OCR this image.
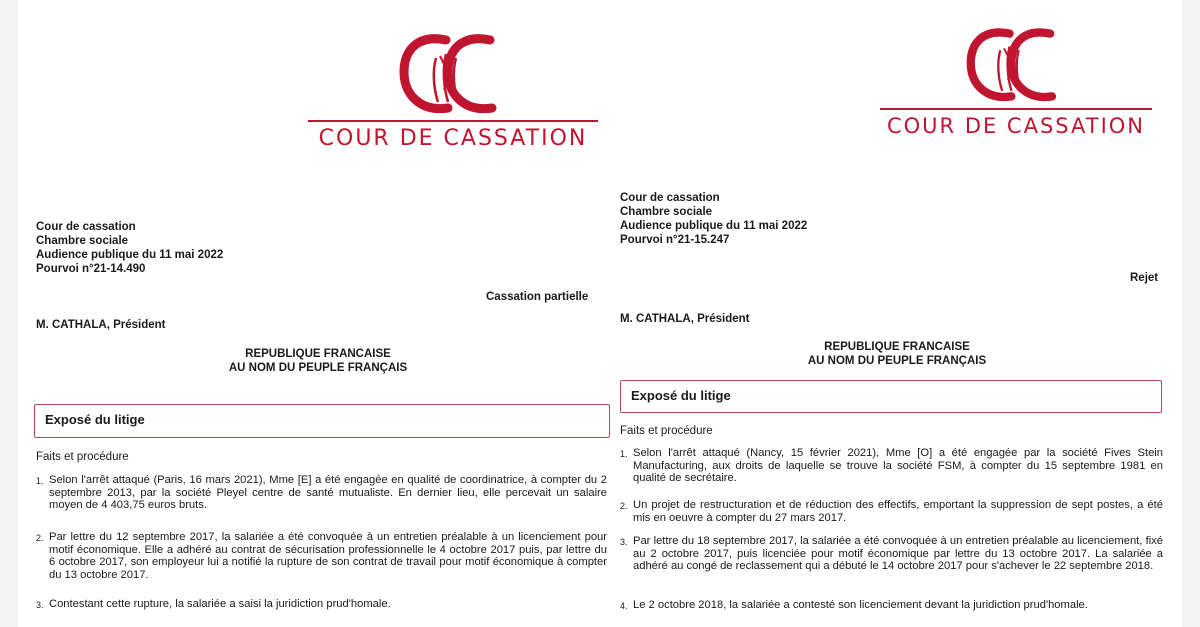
COUR DE CASSATION
Cour de cassation
Chambre sociale
Audience publique du 11 mai 2022
Pourvoi n°21-14.490
Cassation partielle
M. CATHALA, Président
REPUBLIQUE FRANCAISE
AU NOM DU PEUPLE FRANÇAIS
Exposé du litige
Faits et procédure
1. Selon l'arrêt attaqué (Paris, 16 mars 2021), Mme [E] a été engagée en qualité de coordinatrice, à compter du 2 septembre 2013, par la société Pleyel centre de santé mutualiste. En dernier lieu, elle percevait un salaire moyen de 4 403,75 euros bruts.
2. Par lettre du 12 septembre 2017, la salariée a été convoquée à un entretien préalable à un licenciement pour motif économique. Elle a adhéré au contrat de sécurisation professionnelle le 4 octobre 2017 puis, par lettre du 6 octobre 2017, son employeur lui a notifié la rupture de son contrat de travail pour motif économique à compter du 13 octobre 2017.
3. Contestant cette rupture, la salariée a saisi la juridiction prud'homale.
COUR DE CASSATION
Cour de cassation
Chambre sociale
Audience publique du 11 mai 2022
Pourvoi n°21-15.247
Rejet
M. CATHALA, Président
REPUBLIQUE FRANCAISE
AU NOM DU PEUPLE FRANÇAIS
Exposé du litige
Faits et procédure
1. Selon l'arrêt attaqué (Nancy, 15 février 2021), Mme [O] a été engagée par la société Fives Stein Manufacturing, aux droits de laquelle se trouve la société FSM, à compter du 15 septembre 1981 en qualité de secrétaire.
2. Un projet de restructuration et de réduction des effectifs, emportant la suppression de sept postes, a été mis en oeuvre à compter du 27 mars 2017.
3. Par lettre du 18 septembre 2017, la salariée a été convoquée à un entretien préalable au licenciement, fixé au 2 octobre 2017, puis licenciée pour motif économique par lettre du 13 octobre 2017. La salariée a adhéré au congé de reclassement qui a débuté le 14 octobre 2017 pour s'achever le 22 septembre 2018.
4. Le 2 octobre 2018, la salariée a contesté son licenciement devant la juridiction prud'homale.
